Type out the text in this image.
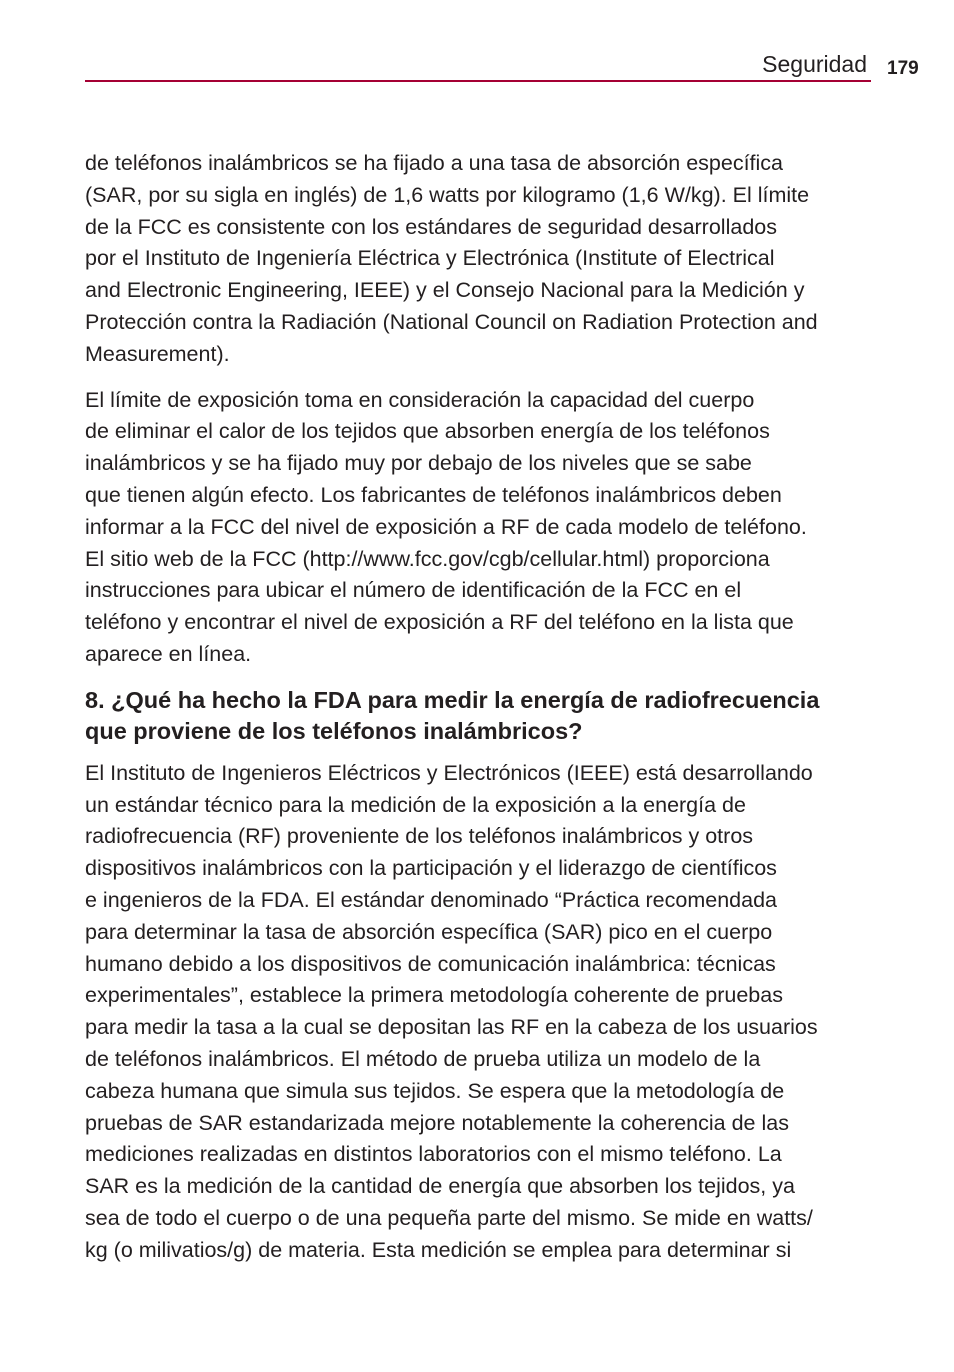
Seguridad 179

de teléfonos inalámbricos se ha fijado a una tasa de absorción específica
(SAR, por su sigla en inglés) de 1,6 watts por kilogramo (1,6 W/kg). El límite
de la FCC es consistente con los estándares de seguridad desarrollados
por el Instituto de Ingeniería Eléctrica y Electrónica (Institute of Electrical
and Electronic Engineering, IEEE) y el Consejo Nacional para la Medición y
Protección contra la Radiación (National Council on Radiation Protection and
Measurement).

El límite de exposición toma en consideración la capacidad del cuerpo
de eliminar el calor de los tejidos que absorben energía de los teléfonos
inalámbricos y se ha fijado muy por debajo de los niveles que se sabe
que tienen algún efecto. Los fabricantes de teléfonos inalámbricos deben
informar a la FCC del nivel de exposición a RF de cada modelo de teléfono.
El sitio web de la FCC (http://www.fcc.gov/cgb/cellular.html) proporciona
instrucciones para ubicar el número de identificación de la FCC en el
teléfono y encontrar el nivel de exposición a RF del teléfono en la lista que
aparece en línea.

8. ¿Qué ha hecho la FDA para medir la energía de radiofrecuencia
que proviene de los teléfonos inalámbricos?

El Instituto de Ingenieros Eléctricos y Electrónicos (IEEE) está desarrollando
un estándar técnico para la medición de la exposición a la energía de
radiofrecuencia (RF) proveniente de los teléfonos inalámbricos y otros
dispositivos inalámbricos con la participación y el liderazgo de científicos
e ingenieros de la FDA. El estándar denominado “Práctica recomendada
para determinar la tasa de absorción específica (SAR) pico en el cuerpo
humano debido a los dispositivos de comunicación inalámbrica: técnicas
experimentales”, establece la primera metodología coherente de pruebas
para medir la tasa a la cual se depositan las RF en la cabeza de los usuarios
de teléfonos inalámbricos. El método de prueba utiliza un modelo de la
cabeza humana que simula sus tejidos. Se espera que la metodología de
pruebas de SAR estandarizada mejore notablemente la coherencia de las
mediciones realizadas en distintos laboratorios con el mismo teléfono. La
SAR es la medición de la cantidad de energía que absorben los tejidos, ya
sea de todo el cuerpo o de una pequeña parte del mismo. Se mide en watts/
kg (o milivatios/g) de materia. Esta medición se emplea para determinar si
